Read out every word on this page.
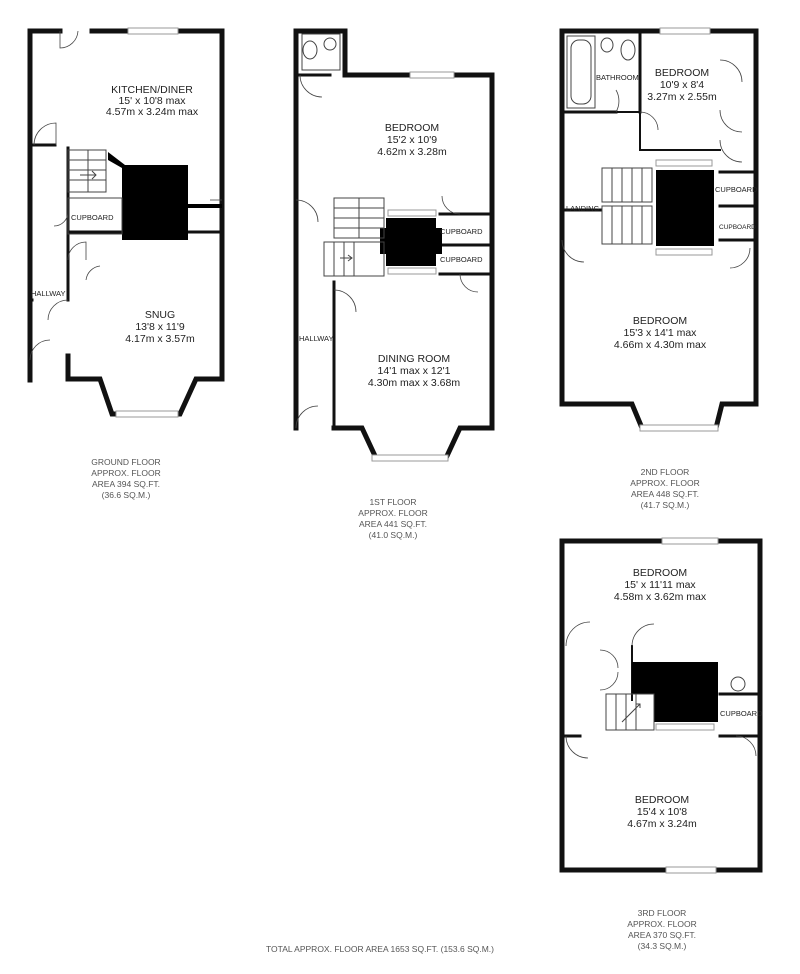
KITCHEN/DINER
15' x 10'8 max
4.57m x 3.24m max
CUPBOARD
HALLWAY
SNUG
13'8 x 11'9
4.17m x 3.57m
GROUND FLOOR
APPROX. FLOOR
AREA 394 SQ.FT.
(36.6 SQ.M.)
BEDROOM
15'2 x 10'9
4.62m x 3.28m
CUPBOARD
CUPBOARD
HALLWAY
DINING ROOM
14'1 max x 12'1
4.30m max x 3.68m
1ST FLOOR
APPROX. FLOOR
AREA 441 SQ.FT.
(41.0 SQ.M.)
BATHROOM BEDROOM
10'9 x 8'4
3.27m x 2.55m
LANDING
CUPBOARD
CUPBOARD
BEDROOM
15'3 x 14'1 max
4.66m x 4.30m max
2ND FLOOR
APPROX. FLOOR
AREA 448 SQ.FT.
(41.7 SQ.M.)
BEDROOM
15' x 11'11 max
4.58m x 3.62m max
CUPBOARD
BEDROOM
15'4 x 10'8
4.67m x 3.24m
3RD FLOOR
APPROX. FLOOR
AREA 370 SQ.FT.
(34.3 SQ.M.)
TOTAL APPROX. FLOOR AREA 1653 SQ.FT. (153.6 SQ.M.)
